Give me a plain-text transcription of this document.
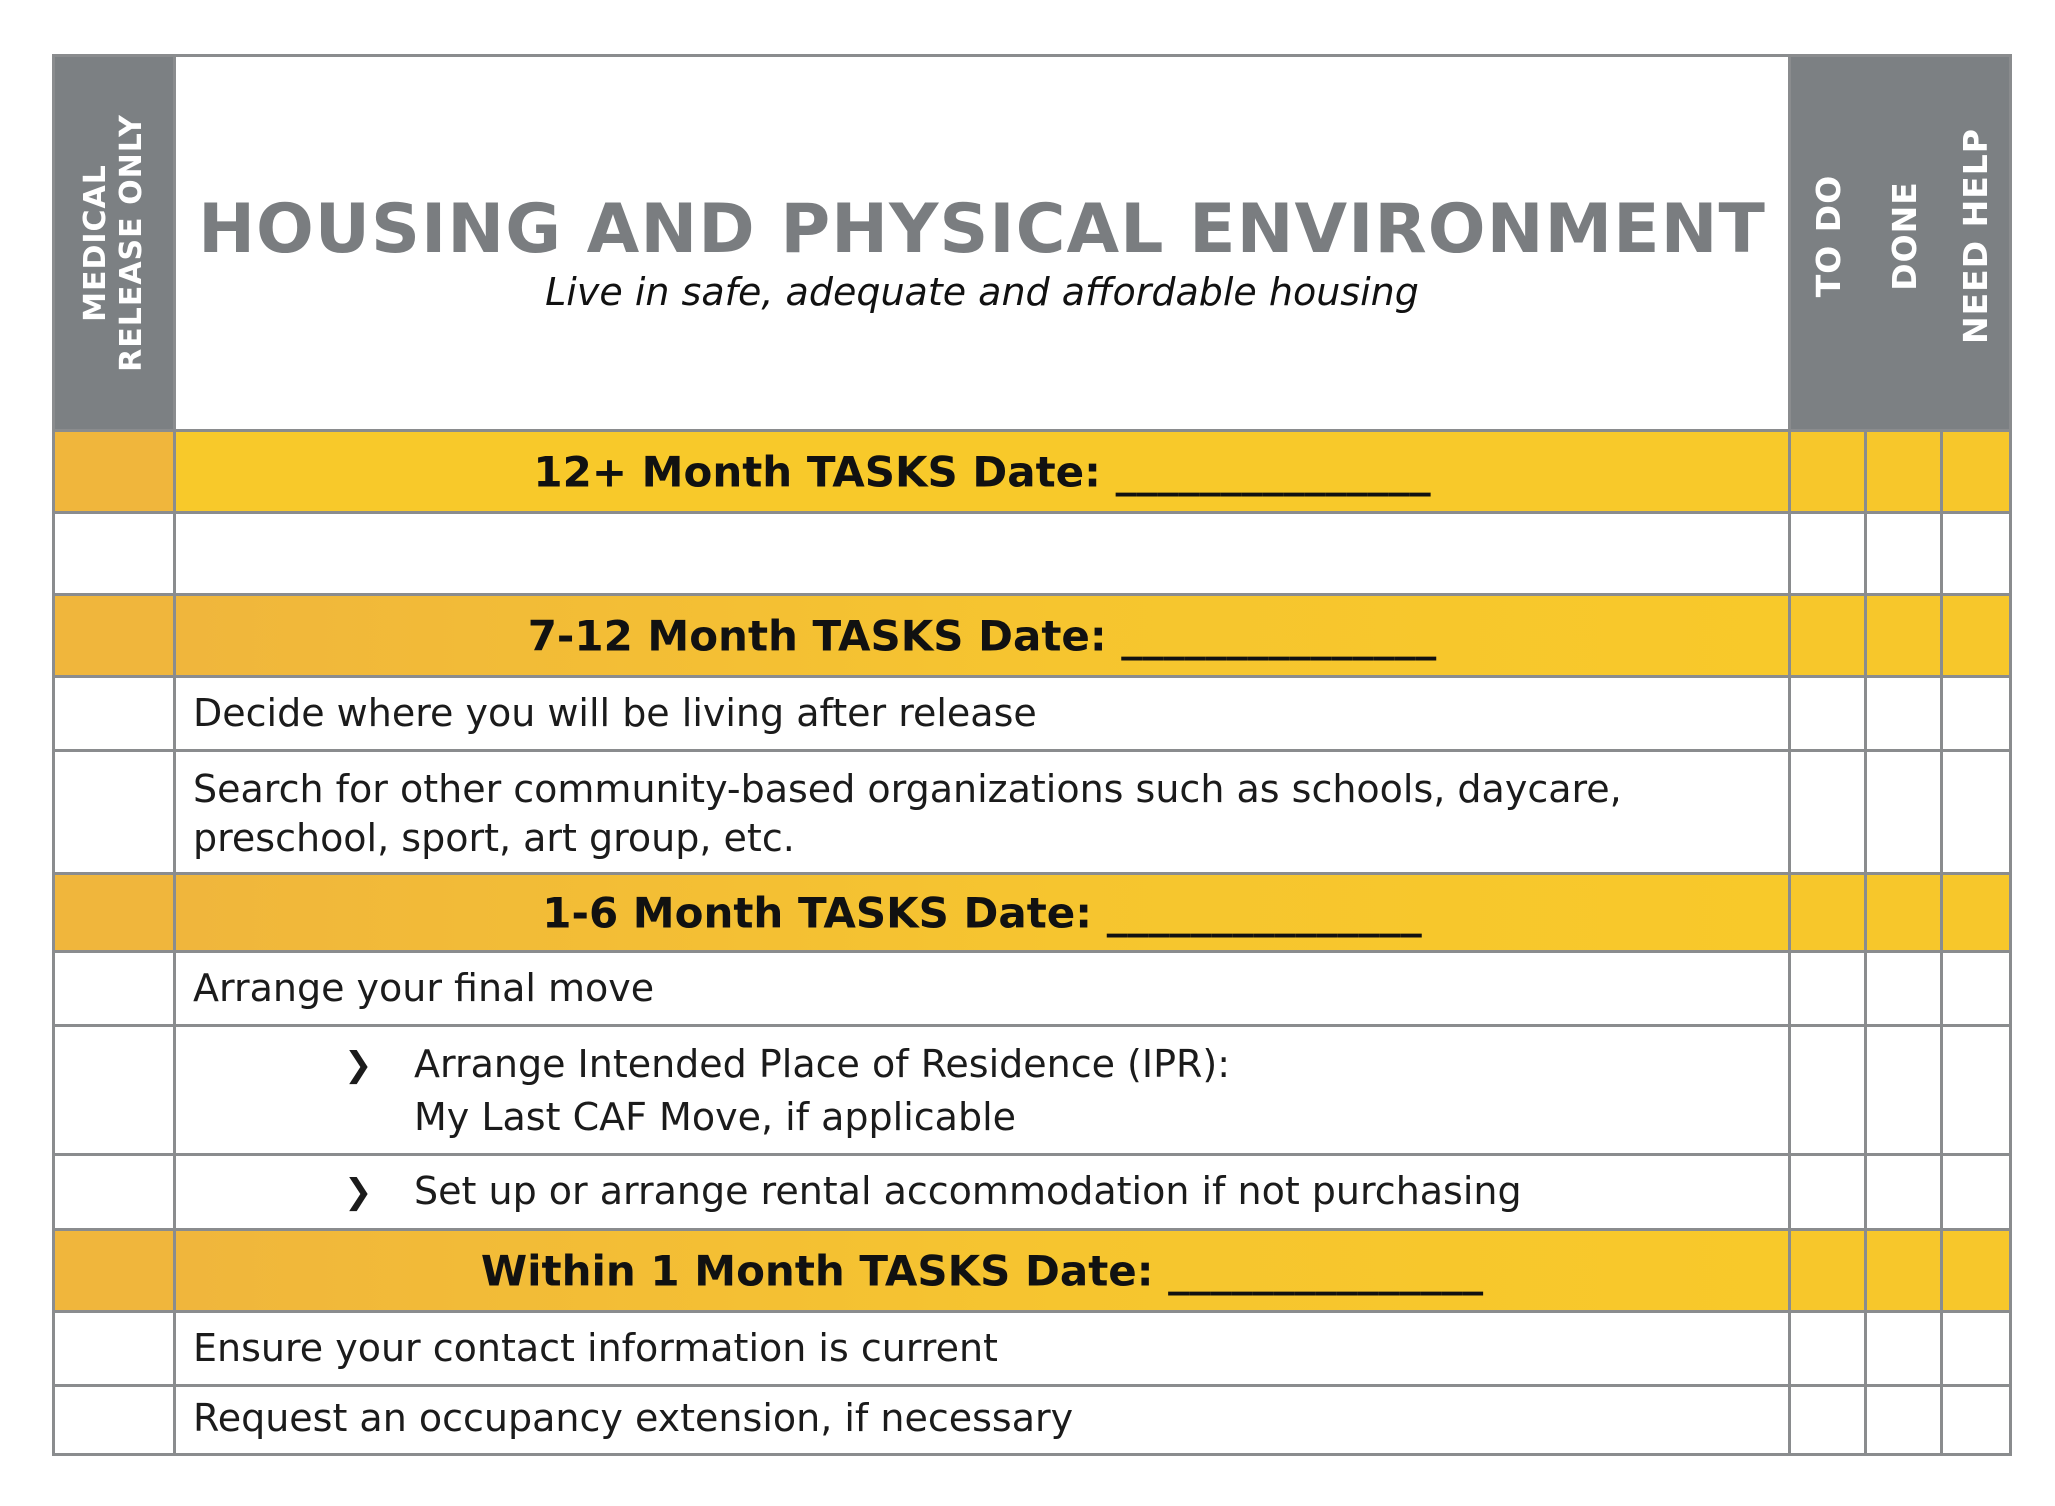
MEDICAL RELEASE ONLY HOUSING AND PHYSICAL ENVIRONMENT
Live in safe, adequate and affordable housing	TO DO DONE NEED HELP
12+ Month TASKS Date: _______________
7-12 Month TASKS Date: _______________
Decide where you will be living after release
Search for other community-based organizations such as schools, daycare,
preschool, sport, art group, etc.
1-6 Month TASKS Date: _______________
Arrange your final move
❯ Arrange Intended Place of Residence (IPR):
My Last CAF Move, if applicable
❯ Set up or arrange rental accommodation if not purchasing
Within 1 Month TASKS Date: _______________
Ensure your contact information is current
Request an occupancy extension, if necessary
